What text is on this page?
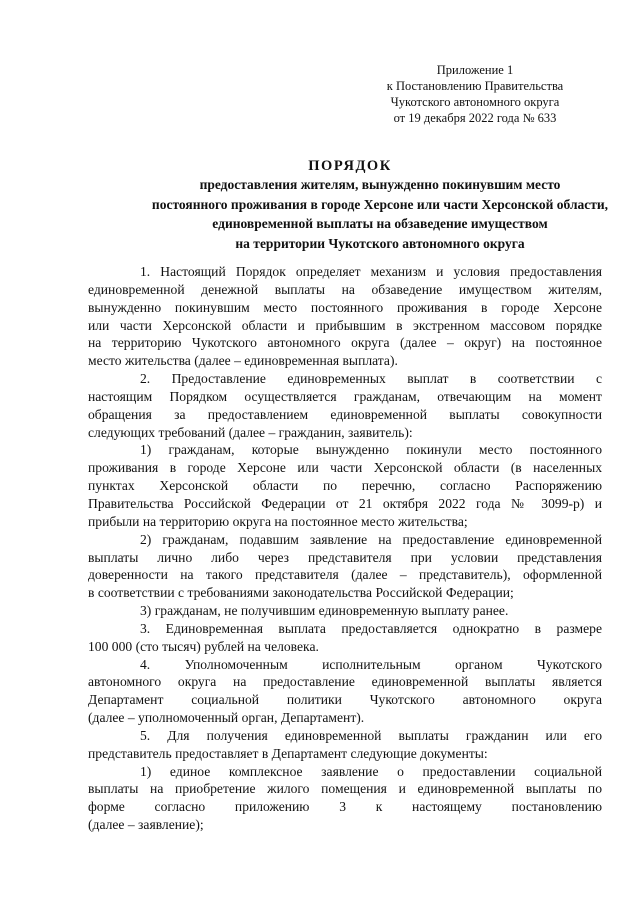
Приложение 1
к Постановлению Правительства
Чукотского автономного округа
от 19 декабря 2022 года № 633
ПОРЯДОК
предоставления жителям, вынужденно покинувшим место
постоянного проживания в городе Херсоне или части Херсонской области,
единовременной выплаты на обзаведение имуществом
на территории Чукотского автономного округа
1. Настоящий Порядок определяет механизм и условия предоставления
единовременной денежной выплаты на обзаведение имуществом жителям,
вынужденно покинувшим место постоянного проживания в городе Херсоне
или части Херсонской области и прибывшим в экстренном массовом порядке
на территорию Чукотского автономного округа (далее – округ) на постоянное
место жительства (далее – единовременная выплата).
2. Предоставление единовременных выплат в соответствии с
настоящим Порядком осуществляется гражданам, отвечающим на момент
обращения за предоставлением единовременной выплаты совокупности
следующих требований (далее – гражданин, заявитель):
1) гражданам, которые вынужденно покинули место постоянного
проживания в городе Херсоне или части Херсонской области (в населенных
пунктах Херсонской области по перечню, согласно Распоряжению
Правительства Российской Федерации от 21 октября 2022 года № 3099-р) и
прибыли на территорию округа на постоянное место жительства;
2) гражданам, подавшим заявление на предоставление единовременной
выплаты лично либо через представителя при условии представления
доверенности на такого представителя (далее – представитель), оформленной
в соответствии с требованиями законодательства Российской Федерации;
3) гражданам, не получившим единовременную выплату ранее.
3. Единовременная выплата предоставляется однократно в размере
100 000 (сто тысяч) рублей на человека.
4. Уполномоченным исполнительным органом Чукотского
автономного округа на предоставление единовременной выплаты является
Департамент социальной политики Чукотского автономного округа
(далее – уполномоченный орган, Департамент).
5. Для получения единовременной выплаты гражданин или его
представитель предоставляет в Департамент следующие документы:
1) единое комплексное заявление о предоставлении социальной
выплаты на приобретение жилого помещения и единовременной выплаты по
форме согласно приложению 3 к настоящему постановлению
(далее – заявление);
